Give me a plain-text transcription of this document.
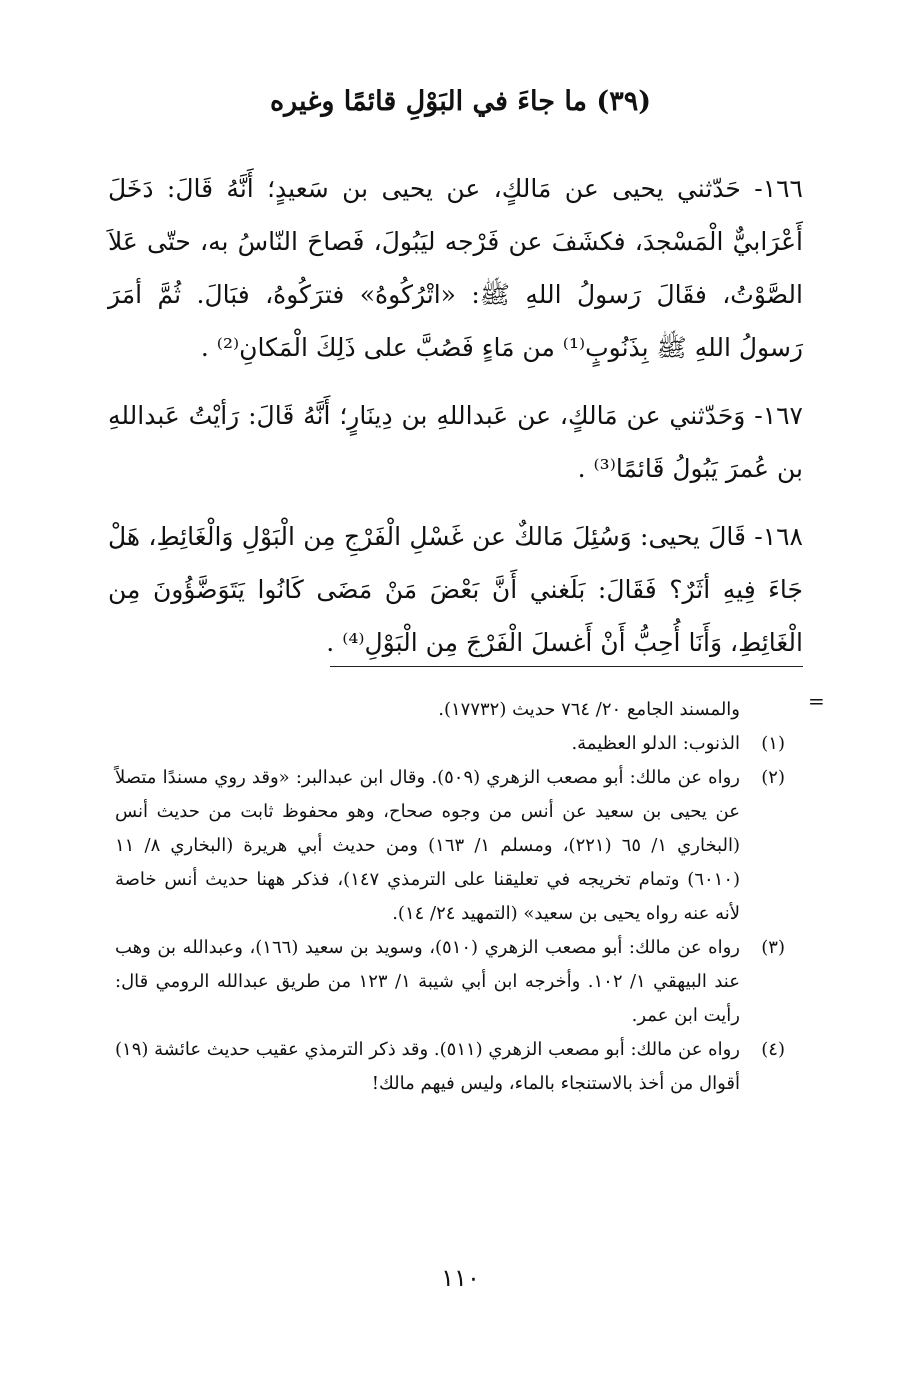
(٣٩) ما جاءَ في البَوْلِ قائمًا وغيره
١٦٦- حَدّثني يحيى عن مَالكٍ، عن يحيى بن سَعيدٍ؛ أَنَّهُ قَالَ: دَخَلَ أَعْرَابيٌّ الْمَسْجدَ، فكشَفَ عن فَرْجه ليَبُولَ، فَصاحَ النّاسُ به، حتّى عَلاَ الصَّوْتُ، فقَالَ رَسولُ اللهِ ﷺ: «اتْرُكُوهُ» فترَكُوهُ، فبَالَ. ثُمَّ أمَرَ رَسولُ اللهِ ﷺ بِذَنُوبٍ⁽¹⁾ من مَاءٍ فَصُبَّ على ذَلِكَ الْمَكانِ⁽²⁾ .
١٦٧- وَحَدّثني عن مَالكٍ، عن عَبداللهِ بن دِينَارٍ؛ أَنَّهُ قَالَ: رَأيْتُ عَبداللهِ بن عُمرَ يَبُولُ قَائمًا⁽³⁾ .
١٦٨- قَالَ يحيى: وَسُئِلَ مَالكٌ عن غَسْلِ الْفَرْجِ مِن الْبَوْلِ وَالْغَائِطِ، هَلْ جَاءَ فِيهِ أثَرٌ؟ فَقَالَ: بَلَغني أَنَّ بَعْضَ مَنْ مَضَى كَانُوا يَتَوَضَّؤُونَ مِن الْغَائِطِ، وَأَنَا أُحِبُّ أَنْ أَغسلَ الْفَرْجَ مِن الْبَوْلِ⁽⁴⁾ .
=
والمسند الجامع ٢٠/ ٧٦٤ حديث (١٧٧٣٢).
(١)
الذنوب: الدلو العظيمة.
(٢)
رواه عن مالك: أبو مصعب الزهري (٥٠٩). وقال ابن عبدالبر: «وقد روي مسندًا متصلاً عن يحيى بن سعيد عن أنس من وجوه صحاح، وهو محفوظ ثابت من حديث أنس (البخاري ١/ ٦٥ (٢٢١)، ومسلم ١/ ١٦٣) ومن حديث أبي هريرة (البخاري ٨/ ١١ (٦٠١٠) وتمام تخريجه في تعليقنا على الترمذي ١٤٧)، فذكر ههنا حديث أنس خاصة لأنه عنه رواه يحيى بن سعيد» (التمهيد ٢٤/ ١٤).
(٣)
رواه عن مالك: أبو مصعب الزهري (٥١٠)، وسويد بن سعيد (١٦٦)، وعبدالله بن وهب عند البيهقي ١/ ١٠٢. وأخرجه ابن أبي شيبة ١/ ١٢٣ من طريق عبدالله الرومي قال: رأيت ابن عمر.
(٤)
رواه عن مالك: أبو مصعب الزهري (٥١١). وقد ذكر الترمذي عقيب حديث عائشة (١٩) أقوال من أخذ بالاستنجاء بالماء، وليس فيهم مالك!
١١٠
